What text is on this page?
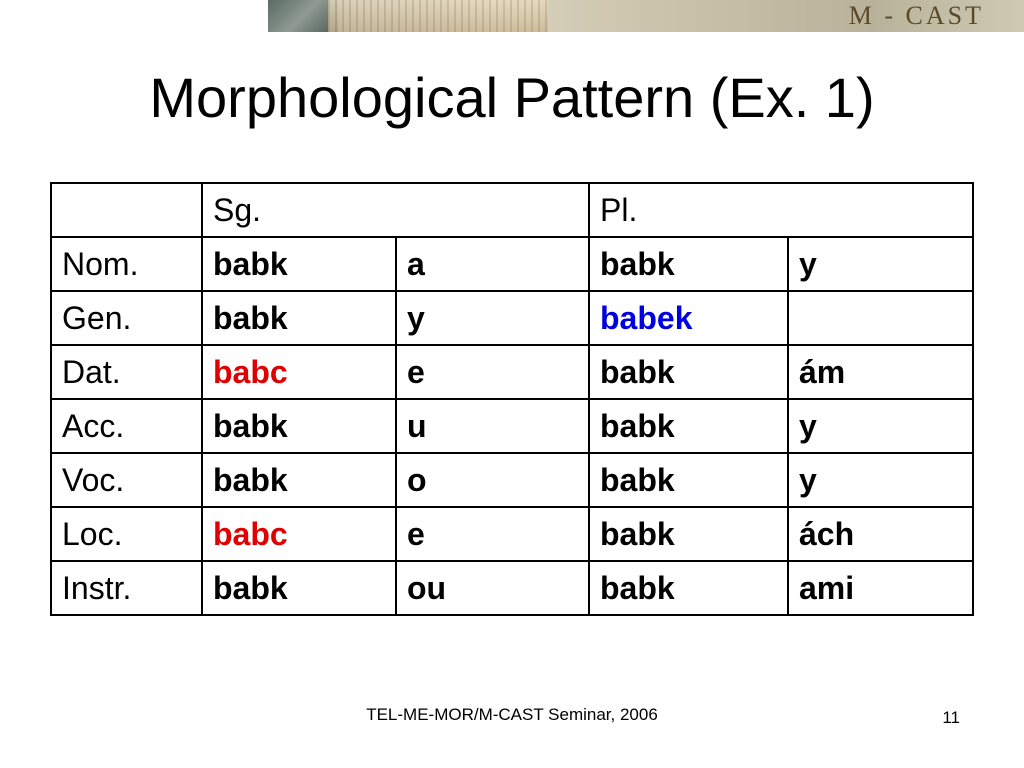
M - CAST
Morphological Pattern (Ex. 1)
	Sg.		Pl.	
Nom.	babk	a	babk	y
Gen.	babk	y	babek	
Dat.	babc	e	babk	ám
Acc.	babk	u	babk	y
Voc.	babk	o	babk	y
Loc.	babc	e	babk	ách
Instr.	babk	ou	babk	ami
TEL-ME-MOR/M-CAST Seminar, 2006	11
